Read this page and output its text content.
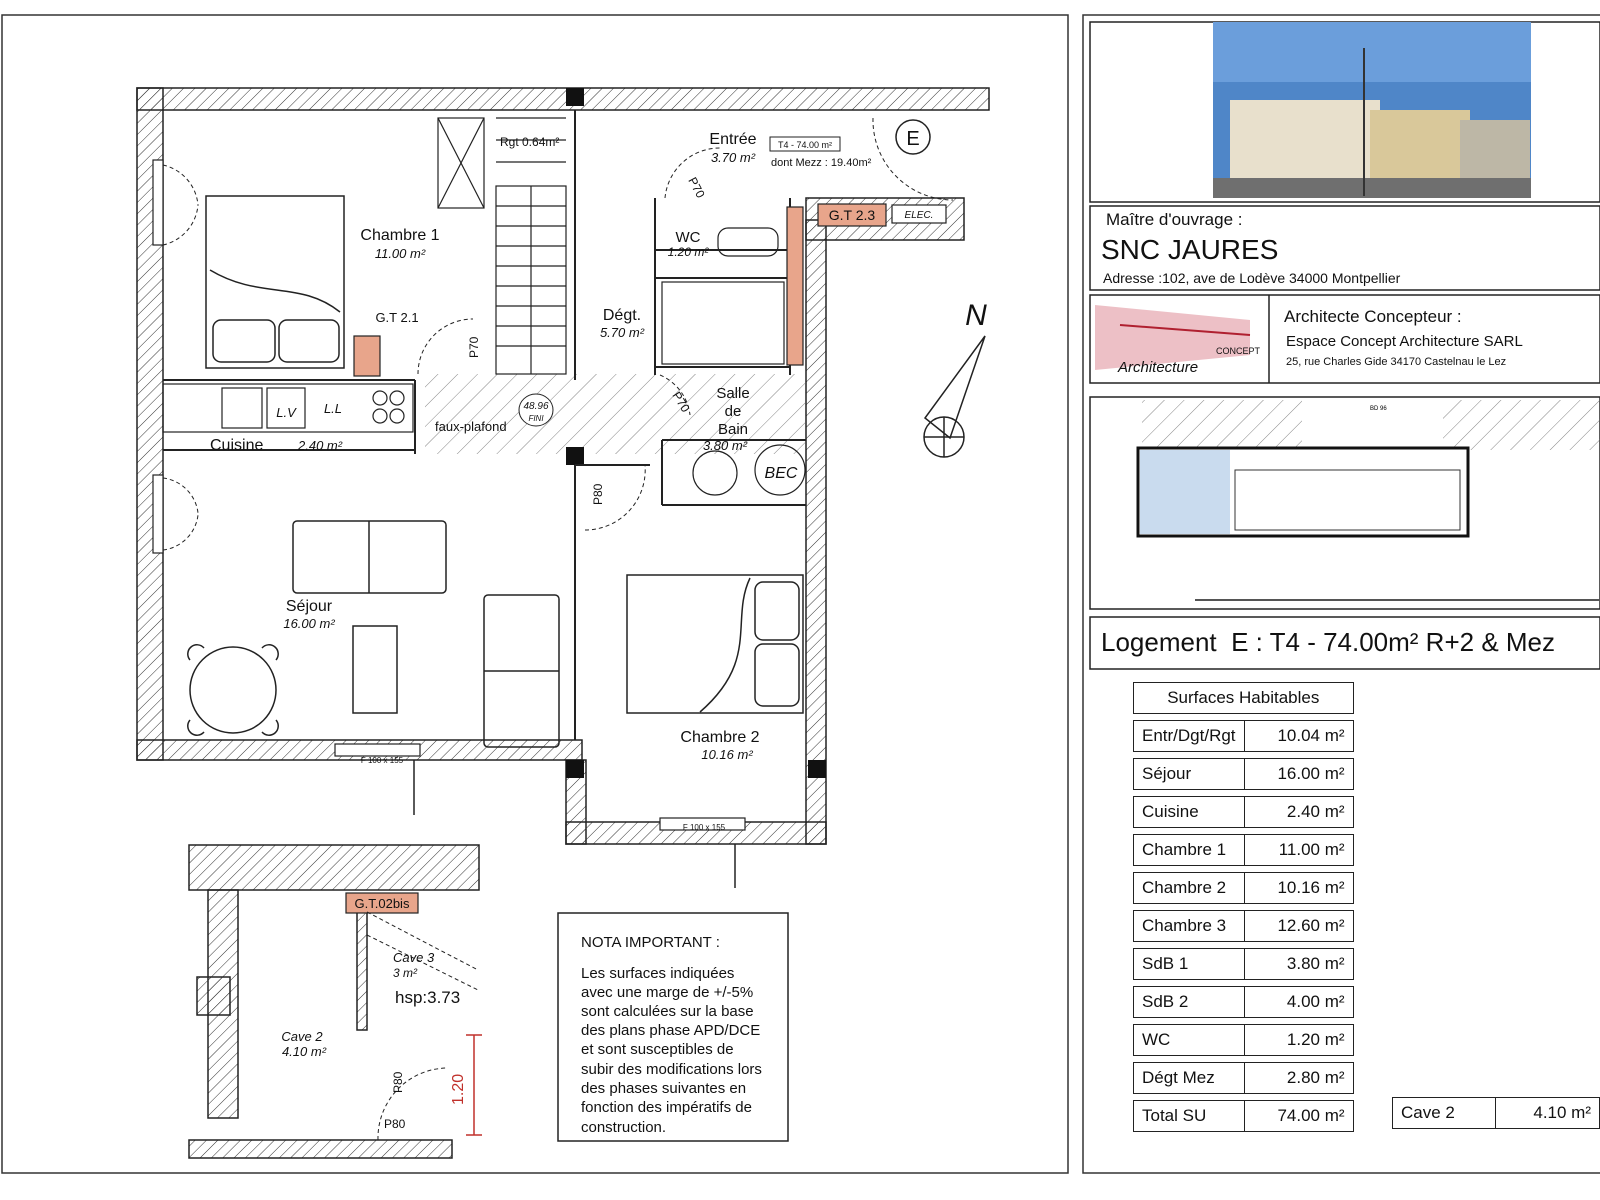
Chambre 1
11.00 m²
Rgt 0.64m²	Entrée
3.70 m²
T4 - 74.00 m²
dont Mezz : 19.40m²
E
WC
1.20 m²
Dégt.
5.70 m²
G.T 2.1
G.T 2.3	ELEC.
L.V L.L
Cuisine	2.40 m²
faux-plafond
48.96
FINI
Salle
de
Bain
3.80 m²
BEC
Séjour
16.00 m²
Chambre 2
10.16 m²
F 100 x 155
F 100 x 155
P70
P70
P70
P80
P80
P80
Cave 3
3 m²
hsp:3.73
Cave 2
4.10 m²
1.20
G.T.02bis
N
NOTA IMPORTANT :
Les surfaces indiquées
avec une marge de +/-5%
sont calculées sur la base
des plans phase APD/DCE
et sont susceptibles de
subir des modifications lors
des phases suivantes en
fonction des impératifs de
construction.
Architecture
CONCEPT
BD 96
Maître d'ouvrage :
SNC JAURES
Adresse :102, ave de Lodève 34000 Montpellier
Architecte Concepteur :
Espace Concept Architecture SARL
25, rue Charles Gide 34170 Castelnau le Lez
Logement  E : T4 - 74.00m² R+2 & Mez
Surfaces Habitables	

Entr/Dgt/Rgt	10.04 m²

Séjour	16.00 m²

Cuisine	2.40 m²

Chambre 1	11.00 m²

Chambre 2	10.16 m²

Chambre 3	12.60 m²

SdB 1	3.80 m²

SdB 2	4.00 m²

WC	1.20 m²

Dégt Mez	2.80 m²

Total SU	74.00 m²	Cave 2	4.10 m²
